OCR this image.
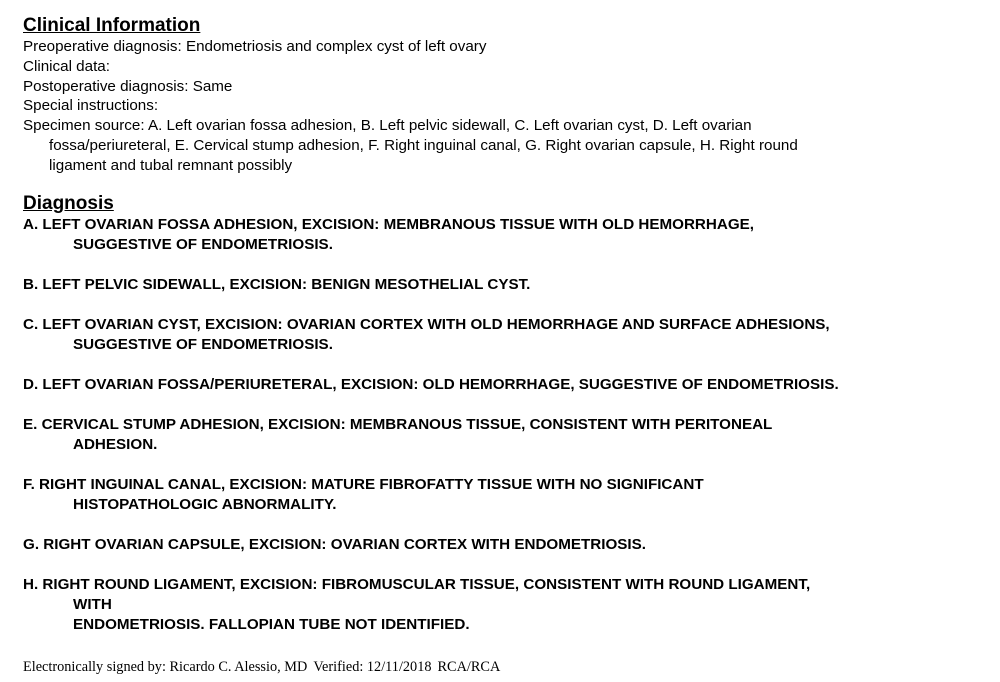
Clinical Information

Preoperative diagnosis: Endometriosis and complex cyst of left ovary

Clinical data:

Postoperative diagnosis: Same

Special instructions:

Specimen source: A. Left ovarian fossa adhesion, B. Left pelvic sidewall, C. Left ovarian cyst, D. Left ovarian
fossa/periureteral, E. Cervical stump adhesion, F. Right inguinal canal, G. Right ovarian capsule, H. Right round
ligament and tubal remnant possibly

Diagnosis

A. LEFT OVARIAN FOSSA ADHESION, EXCISION: MEMBRANOUS TISSUE WITH OLD HEMORRHAGE,
SUGGESTIVE OF ENDOMETRIOSIS.

B. LEFT PELVIC SIDEWALL, EXCISION: BENIGN MESOTHELIAL CYST.

C. LEFT OVARIAN CYST, EXCISION: OVARIAN CORTEX WITH OLD HEMORRHAGE AND SURFACE ADHESIONS,
SUGGESTIVE OF ENDOMETRIOSIS.

D. LEFT OVARIAN FOSSA/PERIURETERAL, EXCISION: OLD HEMORRHAGE, SUGGESTIVE OF ENDOMETRIOSIS.

E. CERVICAL STUMP ADHESION, EXCISION: MEMBRANOUS TISSUE, CONSISTENT WITH PERITONEAL
ADHESION.

F. RIGHT INGUINAL CANAL, EXCISION: MATURE FIBROFATTY TISSUE WITH NO SIGNIFICANT
HISTOPATHOLOGIC ABNORMALITY.

G. RIGHT OVARIAN CAPSULE, EXCISION: OVARIAN CORTEX WITH ENDOMETRIOSIS.

H. RIGHT ROUND LIGAMENT, EXCISION: FIBROMUSCULAR TISSUE, CONSISTENT WITH ROUND LIGAMENT,
WITH
ENDOMETRIOSIS. FALLOPIAN TUBE NOT IDENTIFIED.

Electronically signed by: Ricardo C. Alessio, MD Verified: 12/11/2018 RCA/RCA
